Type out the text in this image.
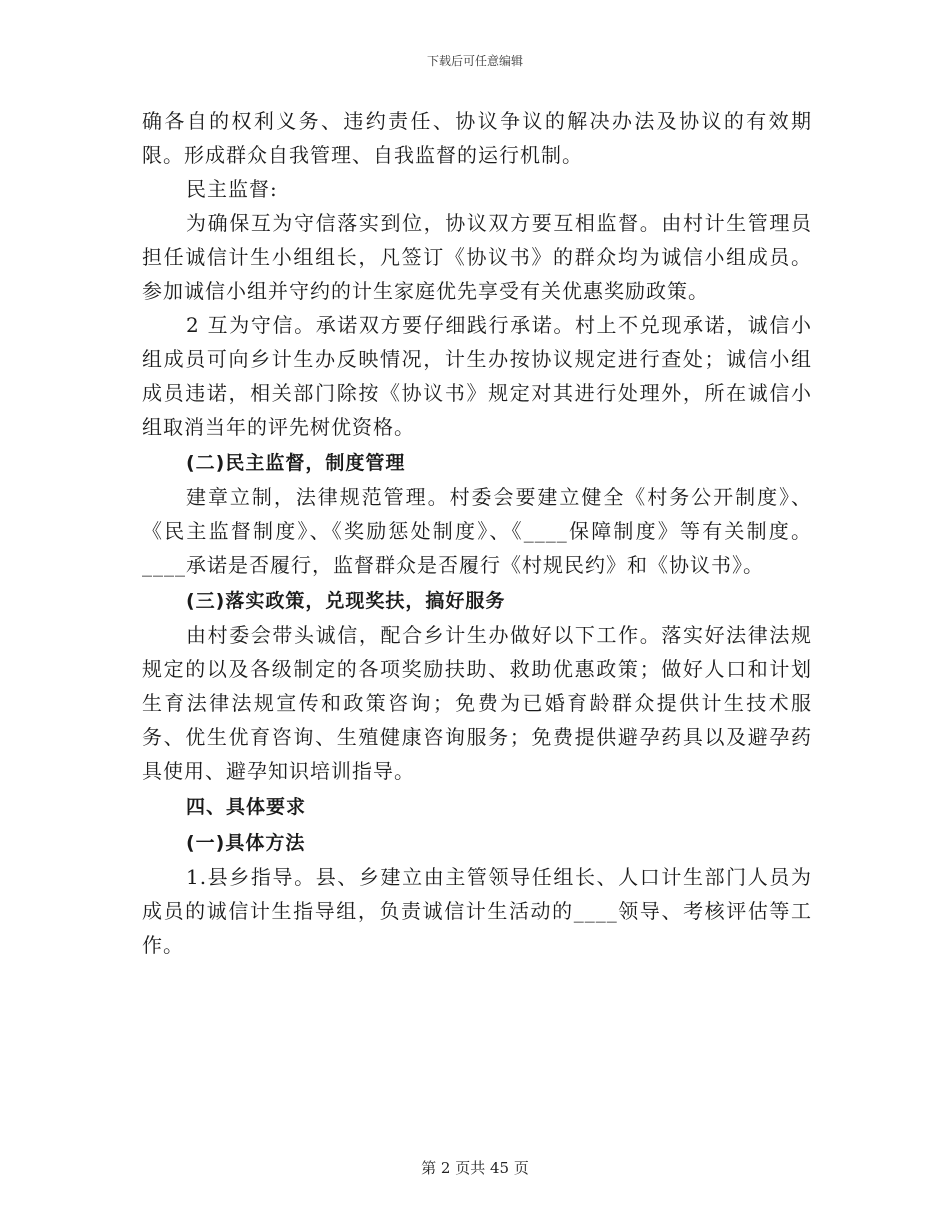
下载后可任意编辑

确各自的权利义务、违约责任、协议争议的解决办法及协议的有效期限。形成群众自我管理、自我监督的运行机制。

民主监督:

为确保互为守信落实到位，协议双方要互相监督。由村计生管理员担任诚信计生小组组长，凡签订《协议书》的群众均为诚信小组成员。参加诚信小组并守约的计生家庭优先享受有关优惠奖励政策。

2 互为守信。承诺双方要仔细践行承诺。村上不兑现承诺，诚信小组成员可向乡计生办反映情况，计生办按协议规定进行查处；诚信小组成员违诺，相关部门除按《协议书》规定对其进行处理外，所在诚信小组取消当年的评先树优资格。

(二)民主监督，制度管理

建章立制，法律规范管理。村委会要建立健全《村务公开制度》、《民主监督制度》、《奖励惩处制度》、《____保障制度》等有关制度。____承诺是否履行，监督群众是否履行《村规民约》和《协议书》。

(三)落实政策，兑现奖扶，搞好服务

由村委会带头诚信，配合乡计生办做好以下工作。落实好法律法规规定的以及各级制定的各项奖励扶助、救助优惠政策；做好人口和计划生育法律法规宣传和政策咨询；免费为已婚育龄群众提供计生技术服务、优生优育咨询、生殖健康咨询服务；免费提供避孕药具以及避孕药具使用、避孕知识培训指导。

四、具体要求

(一)具体方法

1.县乡指导。县、乡建立由主管领导任组长、人口计生部门人员为成员的诚信计生指导组，负责诚信计生活动的____领导、考核评估等工作。

第 2 页共 45 页
